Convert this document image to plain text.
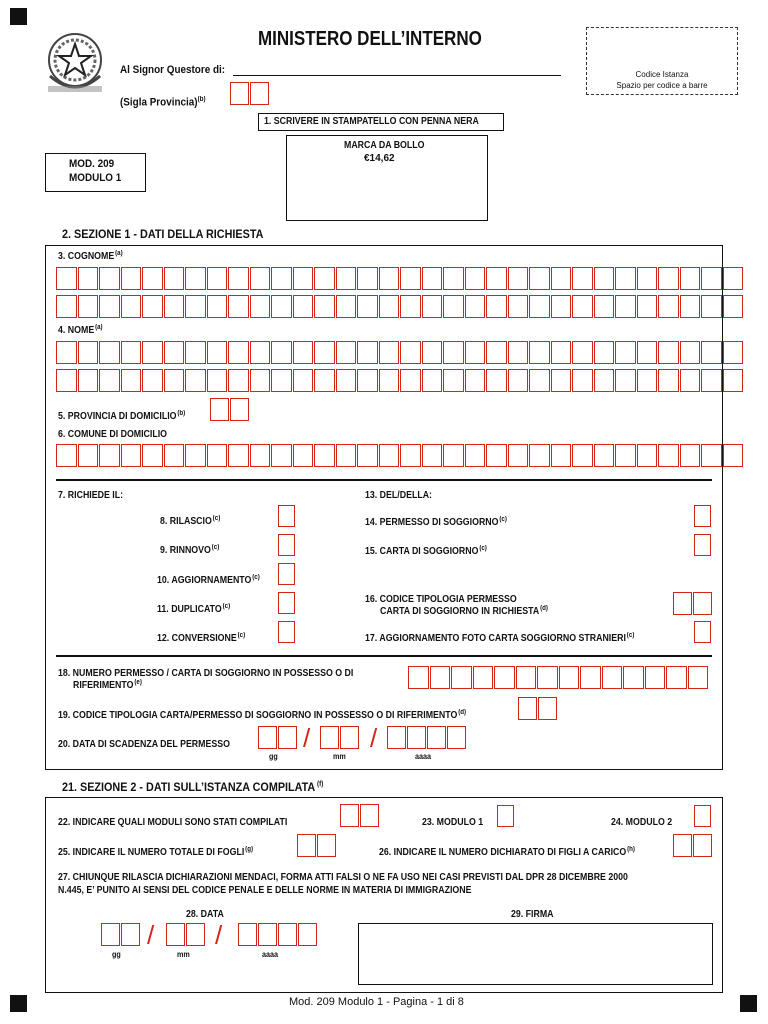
MINISTERO DELL’INTERNO
Al Signor Questore di:
(Sigla Provincia)$^{(b)}$
Codice Istanza
Spazio per codice a barre
1. SCRIVERE IN STAMPATELLO CON PENNA NERA
MARCA DA BOLLO
€14,62
MOD. 209
MODULO 1
2. SEZIONE 1 - DATI DELLA RICHIESTA
3. COGNOME$^{(a)}$
4. NOME$^{(a)}$
5. PROVINCIA DI DOMICILIO$^{(b)}$
6. COMUNE DI DOMICILIO
7. RICHIEDE IL:	13. DEL/DELLA:
8. RILASCIO$^{(c)}$
9. RINNOVO$^{(c)}$
10. AGGIORNAMENTO$^{(c)}$
11. DUPLICATO$^{(c)}$
12. CONVERSIONE$^{(c)}$
14. PERMESSO DI SOGGIORNO$^{(c)}$
15. CARTA DI SOGGIORNO$^{(c)}$
16. CODICE TIPOLOGIA PERMESSO
CARTA DI SOGGIORNO IN RICHIESTA$^{(d)}$
17. AGGIORNAMENTO FOTO CARTA SOGGIORNO STRANIERI$^{(c)}$
18. NUMERO PERMESSO / CARTA DI SOGGIORNO IN POSSESSO O DI
RIFERIMENTO$^{(e)}$
19. CODICE TIPOLOGIA CARTA/PERMESSO DI SOGGIORNO IN POSSESSO O DI RIFERIMENTO$^{(d)}$
20. DATA DI SCADENZA DEL PERMESSO	/ /
gg	mm	aaaa
21. SEZIONE 2 - DATI SULL’ISTANZA COMPILATA $^{(f)}$
22. INDICARE QUALI MODULI SONO STATI COMPILATI	23. MODULO 1	24. MODULO 2
25. INDICARE IL NUMERO TOTALE DI FOGLI$^{(g)}$	26. INDICARE IL NUMERO DICHIARATO DI FIGLI A CARICO$^{(h)}$
27. CHIUNQUE RILASCIA DICHIARAZIONI MENDACI, FORMA ATTI FALSI O NE FA USO NEI CASI PREVISTI DAL DPR 28 DICEMBRE 2000
N.445, E’ PUNITO AI SENSI DEL CODICE PENALE E DELLE NORME IN MATERIA DI IMMIGRAZIONE
28. DATA
/ /
gg	mm	aaaa
29. FIRMA
Mod. 209 Modulo 1 - Pagina - 1 di 8
